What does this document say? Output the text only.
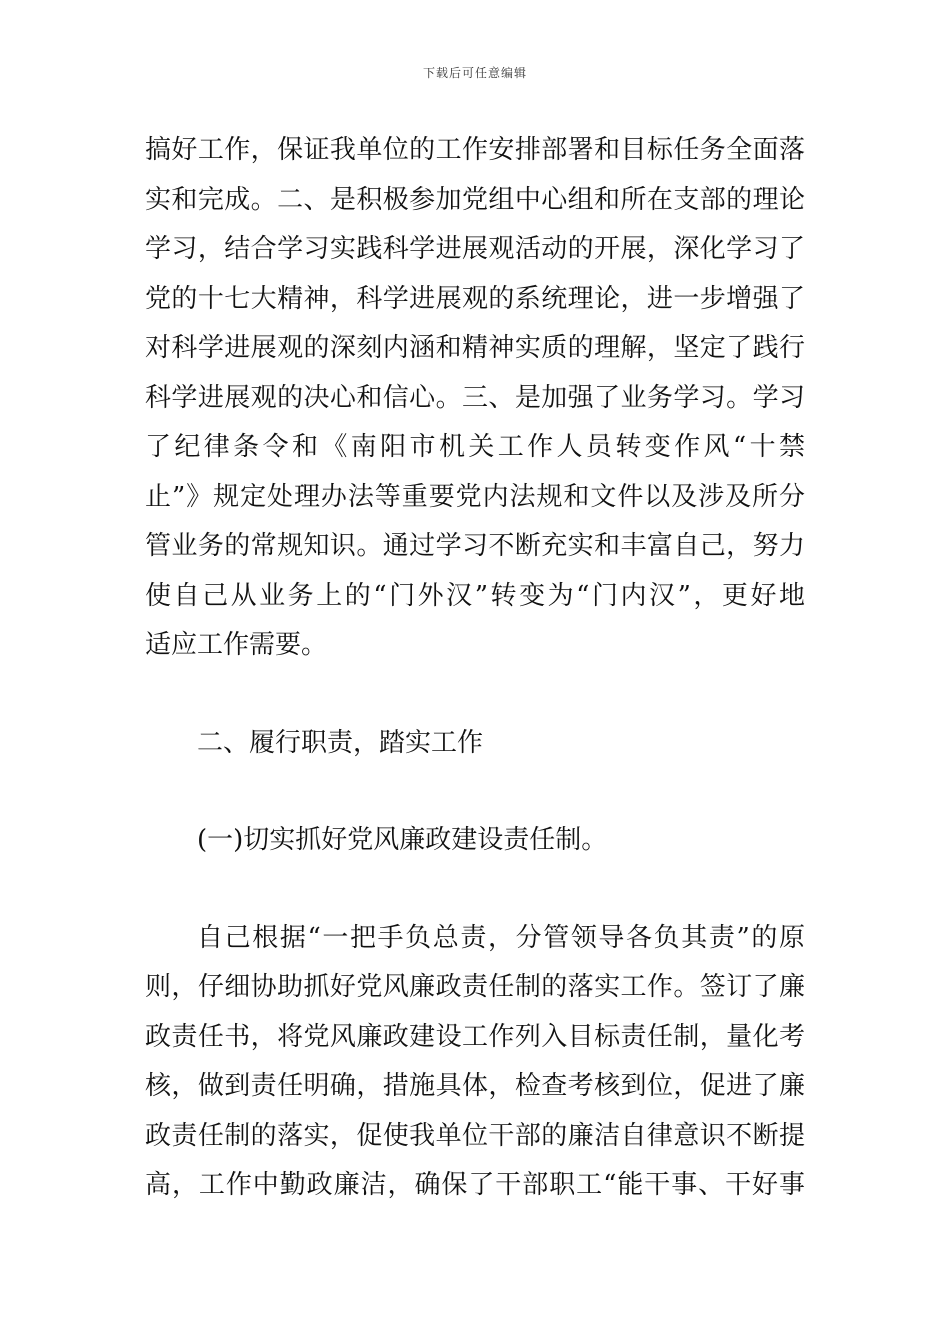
下载后可任意编辑
搞好工作，保证我单位的工作安排部署和目标任务全面落
实和完成。二、是积极参加党组中心组和所在支部的理论
学习，结合学习实践科学进展观活动的开展，深化学习了
党的十七大精神，科学进展观的系统理论，进一步增强了
对科学进展观的深刻内涵和精神实质的理解，坚定了践行
科学进展观的决心和信心。三、是加强了业务学习。学习
了纪律条令和《南阳市机关工作人员转变作风“十禁
止”》规定处理办法等重要党内法规和文件以及涉及所分
管业务的常规知识。通过学习不断充实和丰富自己，努力
使自己从业务上的“门外汉”转变为“门内汉”，更好地
适应工作需要。
二、履行职责，踏实工作
(一)切实抓好党风廉政建设责任制。
自己根据“一把手负总责，分管领导各负其责”的原
则，仔细协助抓好党风廉政责任制的落实工作。签订了廉
政责任书，将党风廉政建设工作列入目标责任制，量化考
核，做到责任明确，措施具体，检查考核到位，促进了廉
政责任制的落实，促使我单位干部的廉洁自律意识不断提
高，工作中勤政廉洁，确保了干部职工“能干事、干好事
